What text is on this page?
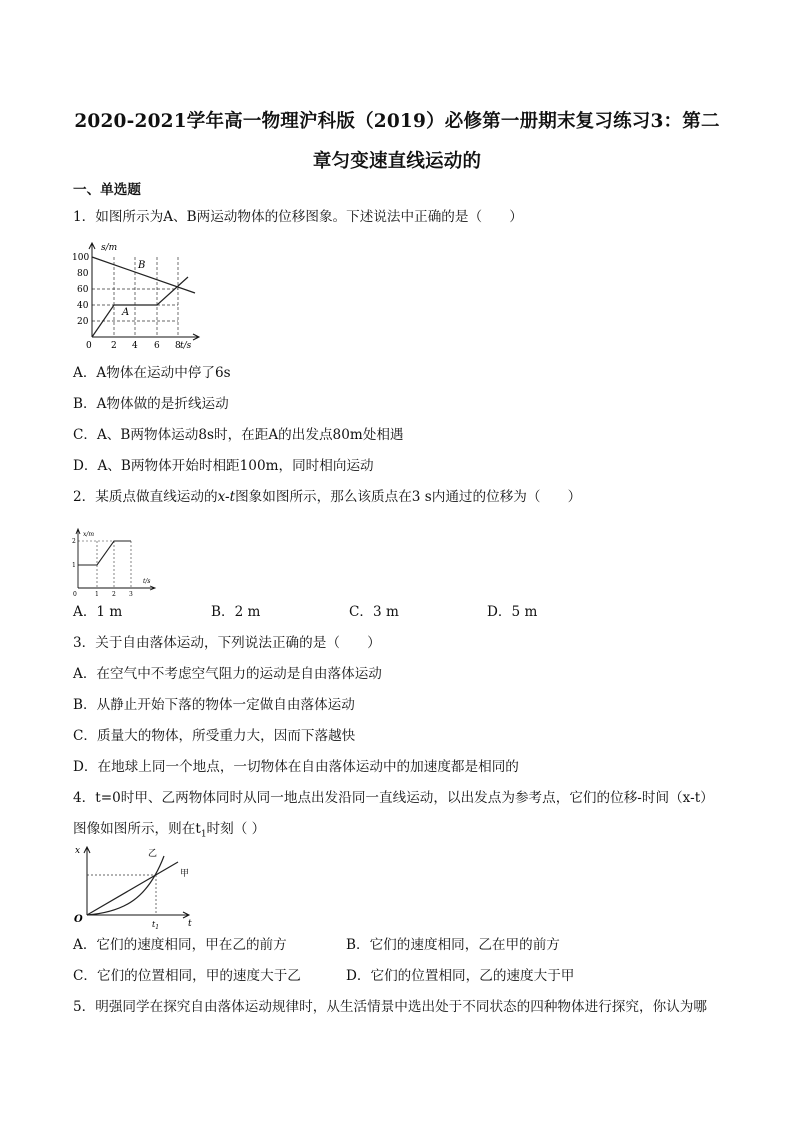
2020-2021学年高一物理沪科版（2019）必修第一册期末复习练习3：第二
章匀变速直线运动的
一、单选题
1．如图所示为A、B两运动物体的位移图象。下述说法中正确的是（　　）
s/m
t/s
0
100
80
60
40
20
2 4 6 8
A
B
A．A物体在运动中停了6s
B．A物体做的是折线运动
C．A、B两物体运动8s时，在距A的出发点80m处相遇
D．A、B两物体开始时相距100m，同时相向运动
2．某质点做直线运动的x-t图象如图所示，那么该质点在3 s内通过的位移为（　　）
x/m
t/s
0
2
1
1 2 3
A．1 m	B．2 m	C．3 m	D．5 m
3．关于自由落体运动，下列说法正确的是（　　）
A．在空气中不考虑空气阻力的运动是自由落体运动
B．从静止开始下落的物体一定做自由落体运动
C．质量大的物体，所受重力大，因而下落越快
D．在地球上同一个地点，一切物体在自由落体运动中的加速度都是相同的
4．t=0时甲、乙两物体同时从同一地点出发沿同一直线运动，以出发点为参考点，它们的位移-时间（x-t）
图像如图所示，则在$t_1$时刻（ ）
x
t
O
甲
乙
$t_1$
A．它们的速度相同，甲在乙的前方	B．它们的速度相同，乙在甲的前方
C．它们的位置相同，甲的速度大于乙	D．它们的位置相同，乙的速度大于甲
5．明强同学在探究自由落体运动规律时，从生活情景中选出处于不同状态的四种物体进行探究，你认为哪
